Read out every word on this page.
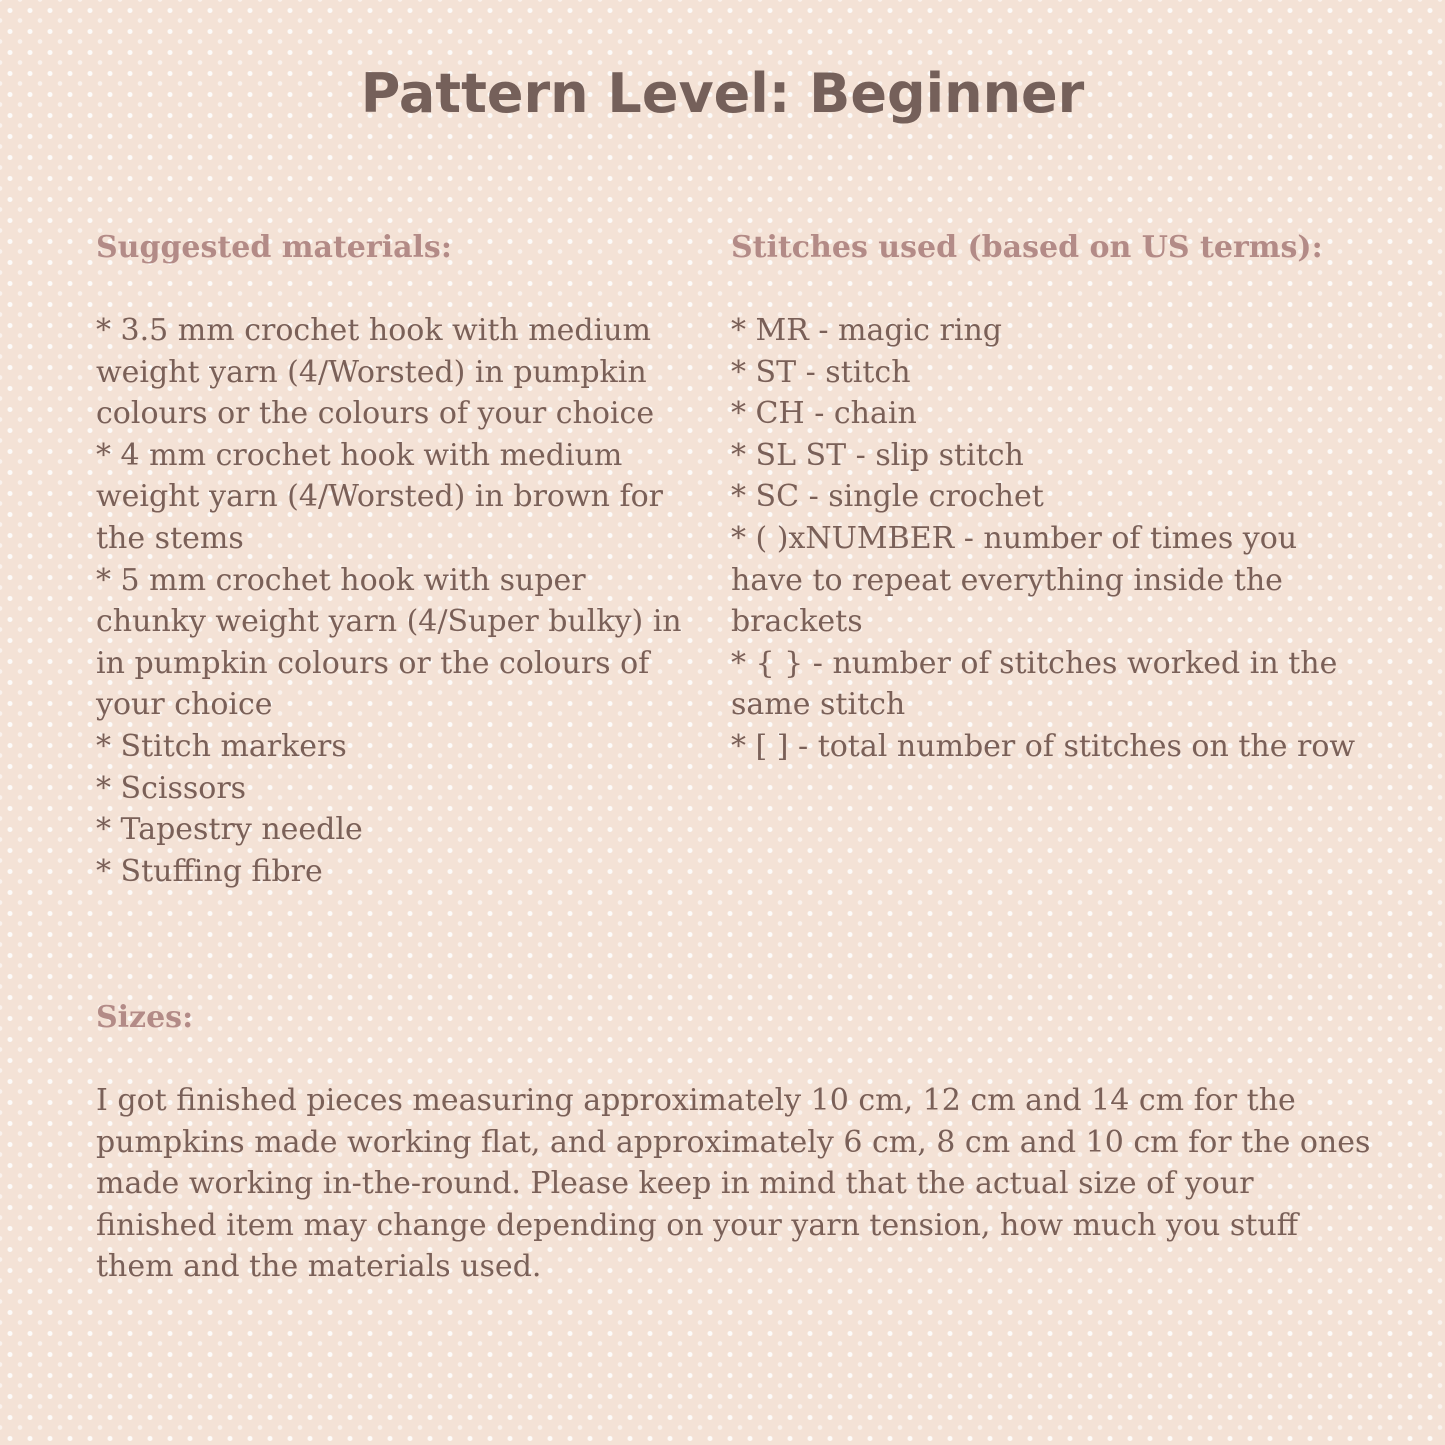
Pattern Level: Beginner
Suggested materials:
* 3.5 mm crochet hook with medium weight yarn (4/Worsted) in pumpkin colours or the colours of your choice
* 4 mm crochet hook with medium weight yarn (4/Worsted) in brown for the stems
* 5 mm crochet hook with super chunky weight yarn (4/Super bulky) in in pumpkin colours or the colours of your choice
* Stitch markers
* Scissors
* Tapestry needle
* Stuffing fibre
Stitches used (based on US terms):
* MR - magic ring
* ST - stitch
* CH - chain
* SL ST - slip stitch
* SC - single crochet
* ( )xNUMBER - number of times you have to repeat everything inside the brackets
* { } - number of stitches worked in the same stitch
* [ ] - total number of stitches on the row
Sizes:

I got finished pieces measuring approximately 10 cm, 12 cm and 14 cm for the pumpkins made working flat, and approximately 6 cm, 8 cm and 10 cm for the ones made working in-the-round. Please keep in mind that the actual size of your finished item may change depending on your yarn tension, how much you stuff them and the materials used.
